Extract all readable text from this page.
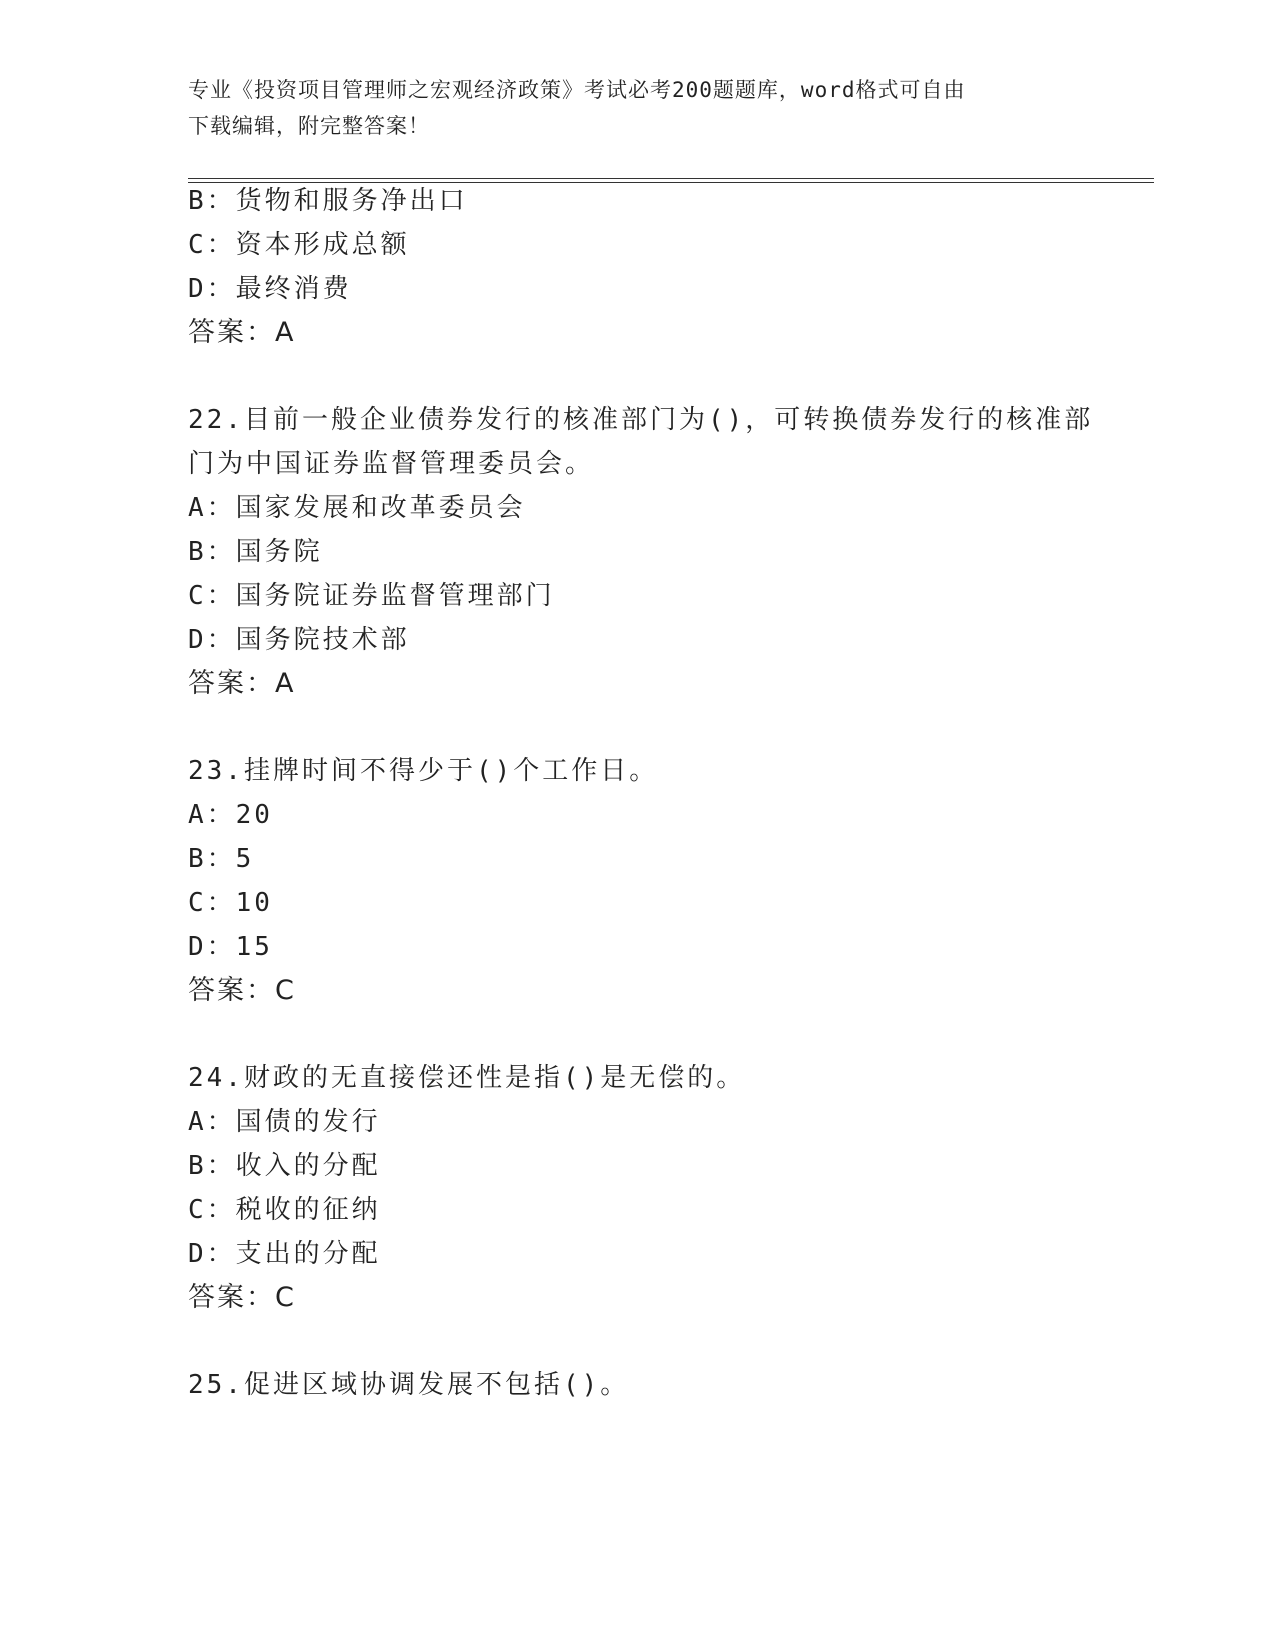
专业《投资项目管理师之宏观经济政策》考试必考200题题库，word格式可自由
下载编辑，附完整答案！
B：货物和服务净出口
C：资本形成总额
D：最终消费
答案：A
22.目前一般企业债券发行的核准部门为()，可转换债券发行的核准部
门为中国证券监督管理委员会。
A：国家发展和改革委员会
B：国务院
C：国务院证券监督管理部门
D：国务院技术部
答案：A
23.挂牌时间不得少于()个工作日。
A：20
B：5
C：10
D：15
答案：C
24.财政的无直接偿还性是指()是无偿的。
A：国债的发行
B：收入的分配
C：税收的征纳
D：支出的分配
答案：C
25.促进区域协调发展不包括()。
